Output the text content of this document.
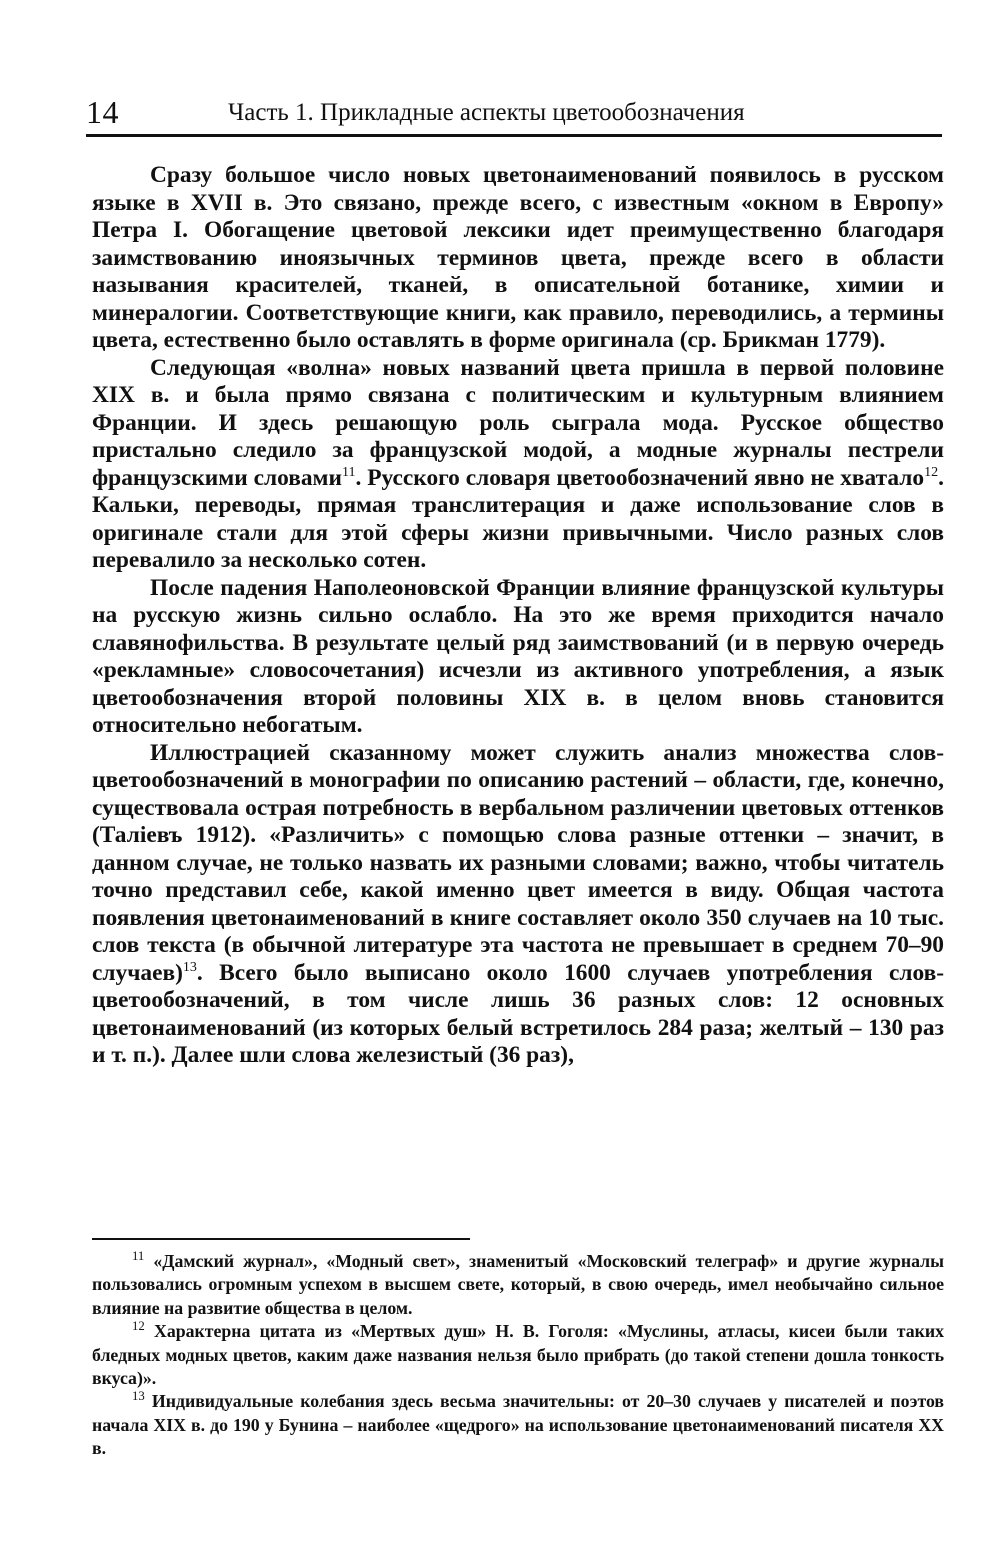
14	Часть 1. Прикладные аспекты цветообозначения

Сразу большое число новых цветонаименований появилось в русском языке в XVII в. Это связано, прежде всего, с известным «окном в Европу» Петра I. Обогащение цветовой лексики идет преимущественно благодаря заимствованию иноязычных терминов цвета, прежде всего в области называния красителей, тканей, в описательной ботанике, химии и минералогии. Соответствующие книги, как правило, переводились, а термины цвета, естественно было оставлять в форме оригинала (ср. Брикман 1779).

Следующая «волна» новых названий цвета пришла в первой половине XIX в. и была прямо связана с политическим и культурным влиянием Франции. И здесь решающую роль сыграла мода. Русское общество пристально следило за французской модой, а модные журналы пестрели французскими словами$^{11}$. Русского словаря цветообозначений явно не хватало$^{12}$. Кальки, переводы, прямая транслитерация и даже использование слов в оригинале стали для этой сферы жизни привычными. Число разных слов перевалило за несколько сотен.

После падения Наполеоновской Франции влияние французской культуры на русскую жизнь сильно ослабло. На это же время приходится начало славянофильства. В результате целый ряд заимствований (и в первую очередь «рекламные» словосочетания) исчезли из активного употребления, а язык цветообозначения второй половины XIX в. в целом вновь становится относительно небогатым.

Иллюстрацией сказанному может служить анализ множества слов-цветообозначений в монографии по описанию растений – области, где, конечно, существовала острая потребность в вербальном различении цветовых оттенков (Таліевъ 1912). «Различить» с помощью слова разные оттенки – значит, в данном случае, не только назвать их разными словами; важно, чтобы читатель точно представил себе, какой именно цвет имеется в виду. Общая частота появления цветонаименований в книге составляет около 350 случаев на 10 тыс. слов текста (в обычной литературе эта частота не превышает в среднем 70–90 случаев)$^{13}$. Всего было выписано около 1600 случаев употребления слов-цветообозначений, в том числе лишь 36 разных слов: 12 основных цветонаименований (из которых белый встретилось 284 раза; желтый – 130 раз и т. п.). Далее шли слова железистый (36 раз),

$^{11}$ «Дамский журнал», «Модный свет», знаменитый «Московский телеграф» и другие журналы пользовались огромным успехом в высшем свете, который, в свою очередь, имел необычайно сильное влияние на развитие общества в целом.

$^{12}$ Характерна цитата из «Мертвых душ» Н. В. Гоголя: «Муслины, атласы, кисеи были таких бледных модных цветов, каким даже названия нельзя было прибрать (до такой степени дошла тонкость вкуса)».

$^{13}$ Индивидуальные колебания здесь весьма значительны: от 20–30 случаев у писателей и поэтов начала XIX в. до 190 у Бунина – наиболее «щедрого» на использование цветонаименований писателя XX в.
